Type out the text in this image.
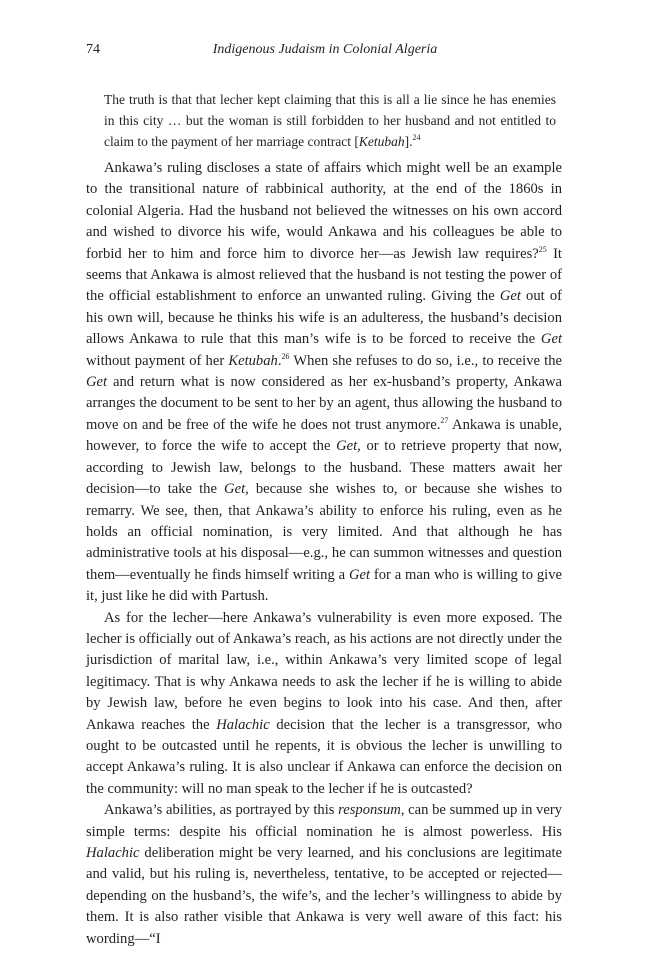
74	Indigenous Judaism in Colonial Algeria
The truth is that that lecher kept claiming that this is all a lie since he has enemies in this city … but the woman is still forbidden to her husband and not entitled to claim to the payment of her marriage contract [Ketubah].$^{24}$

Ankawa’s ruling discloses a state of affairs which might well be an example to the transitional nature of rabbinical authority, at the end of the 1860s in colonial Algeria. Had the husband not believed the witnesses on his own accord and wished to divorce his wife, would Ankawa and his colleagues be able to forbid her to him and force him to divorce her—as Jewish law requires?$^{25}$ It seems that Ankawa is almost relieved that the husband is not testing the power of the official establishment to enforce an unwanted ruling. Giving the Get out of his own will, because he thinks his wife is an adulteress, the husband’s decision allows Ankawa to rule that this man’s wife is to be forced to receive the Get without payment of her Ketubah.$^{26}$ When she refuses to do so, i.e., to receive the Get and return what is now considered as her ex-husband’s property, Ankawa arranges the document to be sent to her by an agent, thus allowing the husband to move on and be free of the wife he does not trust anymore.$^{27}$ Ankawa is unable, however, to force the wife to accept the Get, or to retrieve property that now, according to Jewish law, belongs to the husband. These matters await her decision—to take the Get, because she wishes to, or because she wishes to remarry. We see, then, that Ankawa’s ability to enforce his ruling, even as he holds an official nomination, is very limited. And that although he has administrative tools at his disposal—e.g., he can summon witnesses and question them—eventually he finds himself writing a Get for a man who is willing to give it, just like he did with Partush.

As for the lecher—here Ankawa’s vulnerability is even more exposed. The lecher is officially out of Ankawa’s reach, as his actions are not directly under the jurisdiction of marital law, i.e., within Ankawa’s very limited scope of legal legitimacy. That is why Ankawa needs to ask the lecher if he is willing to abide by Jewish law, before he even begins to look into his case. And then, after Ankawa reaches the Halachic decision that the lecher is a transgressor, who ought to be outcasted until he repents, it is obvious the lecher is unwilling to accept Ankawa’s ruling. It is also unclear if Ankawa can enforce the decision on the community: will no man speak to the lecher if he is outcasted?

Ankawa’s abilities, as portrayed by this responsum, can be summed up in very simple terms: despite his official nomination he is almost powerless. His Halachic deliberation might be very learned, and his conclusions are legitimate and valid, but his ruling is, nevertheless, tentative, to be accepted or rejected—depending on the husband’s, the wife’s, and the lecher’s willingness to abide by them. It is also rather visible that Ankawa is very well aware of this fact: his wording—“I
